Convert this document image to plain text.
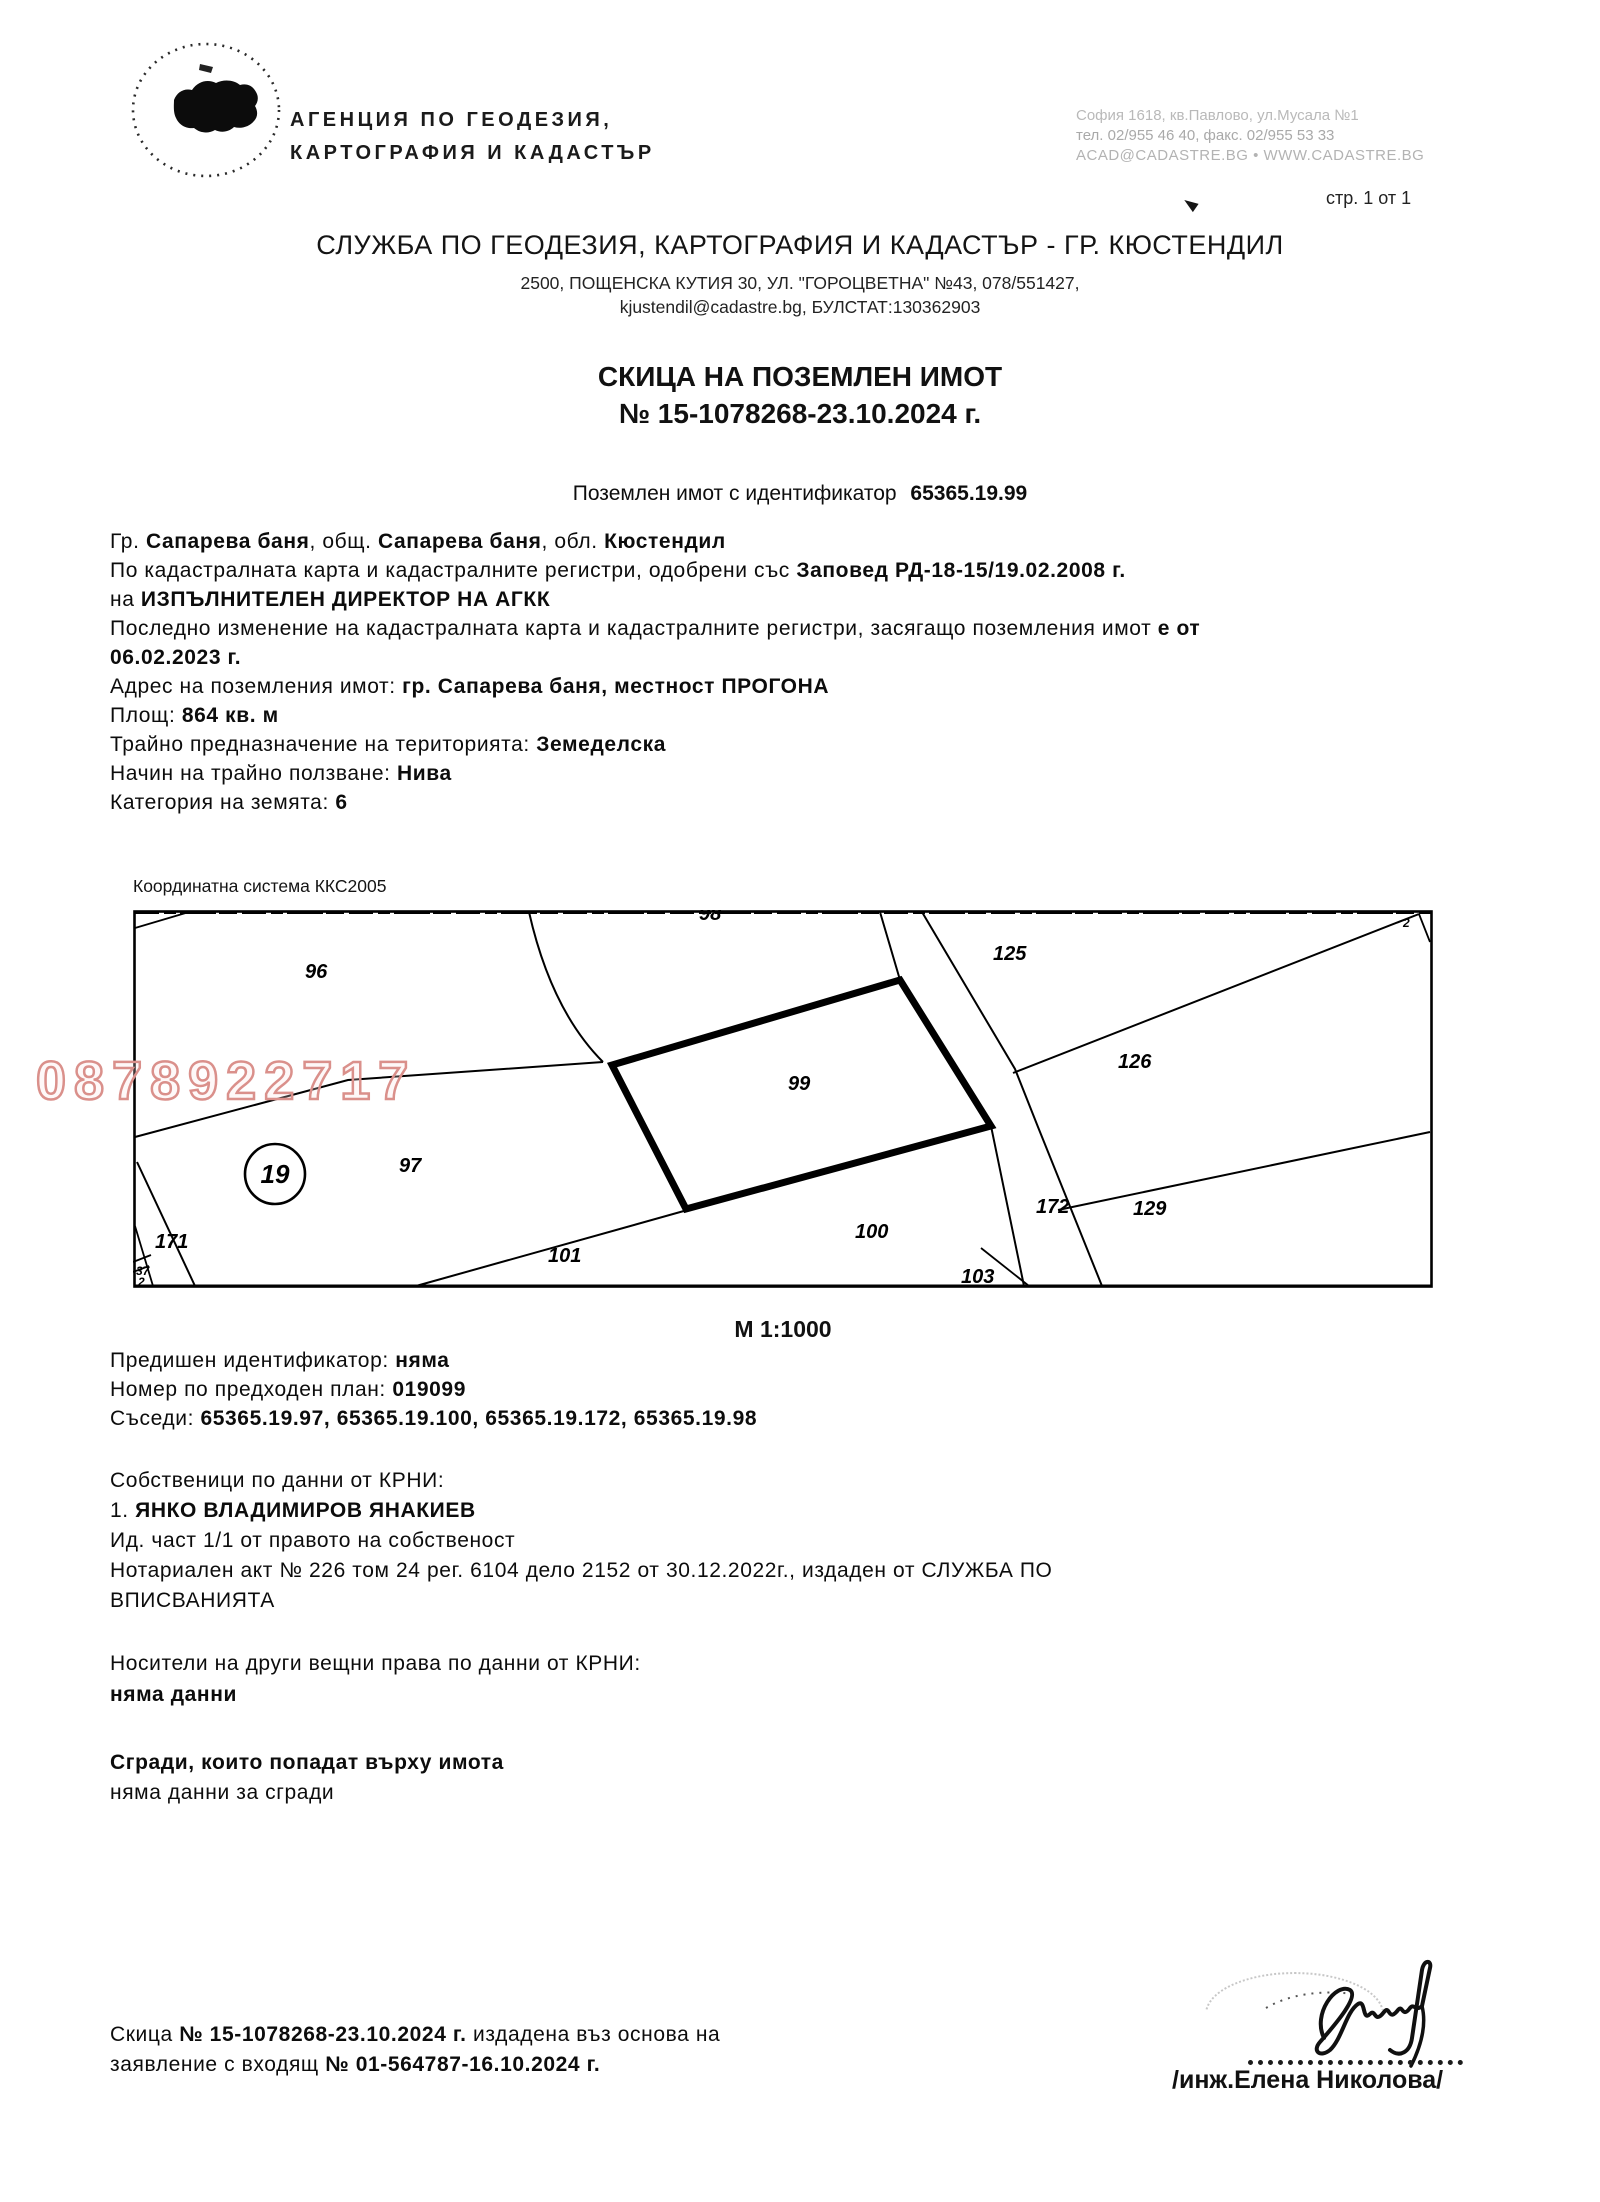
АГЕНЦИЯ ПО ГЕОДЕЗИЯ,
КАРТОГРАФИЯ И КАДАСТЪР
София 1618, кв.Павлово, ул.Мусала №1
тел. 02/955 46 40, факс. 02/955 53 33
ACAD@CADASTRE.BG • WWW.CADASTRE.BG
стр. 1 от 1
СЛУЖБА ПО ГЕОДЕЗИЯ, КАРТОГРАФИЯ И КАДАСТЪР - ГР. КЮСТЕНДИЛ
2500, ПОЩЕНСКА КУТИЯ 30, УЛ. "ГОРОЦВЕТНА" №43, 078/551427,
kjustendil@cadastre.bg, БУЛСТАТ:130362903
СКИЦА НА ПОЗЕМЛЕН ИМОТ
№ 15-1078268-23.10.2024 г.
Поземлен имот с идентификатор 65365.19.99
Гр. Сапарева баня, общ. Сапарева баня, обл. Кюстендил
По кадастралната карта и кадастралните регистри, одобрени със Заповед РД-18-15/19.02.2008 г.
на ИЗПЪЛНИТЕЛЕН ДИРЕКТОР НА АГКК
Последно изменение на кадастралната карта и кадастралните регистри, засягащо поземления имот е от
06.02.2023 г.
Адрес на поземления имот: гр. Сапарева баня, местност ПРОГОНА
Площ: 864 кв. м
Трайно предназначение на територията: Земеделска
Начин на трайно ползване: Нива
Категория на земята: 6
Координатна система ККС2005
19
96
98
125
126
99
97
171
101
100
172	129
103
37
2
2
0878922717
М 1:1000
Предишен идентификатор: няма
Номер по предходен план: 019099
Съседи: 65365.19.97, 65365.19.100, 65365.19.172, 65365.19.98
Собственици по данни от КРНИ:
1. ЯНКО ВЛАДИМИРОВ ЯНАКИЕВ
Ид. част 1/1 от правото на собственост
Нотариален акт № 226 том 24 рег. 6104 дело 2152 от 30.12.2022г., издаден от СЛУЖБА ПО
ВПИСВАНИЯТА
Носители на други вещни права по данни от КРНИ:
няма данни
Сгради, които попадат върху имота
няма данни за сгради
Скица № 15-1078268-23.10.2024 г. издадена въз основа на
заявление с входящ № 01-564787-16.10.2024 г.
/инж.Елена Николова/
